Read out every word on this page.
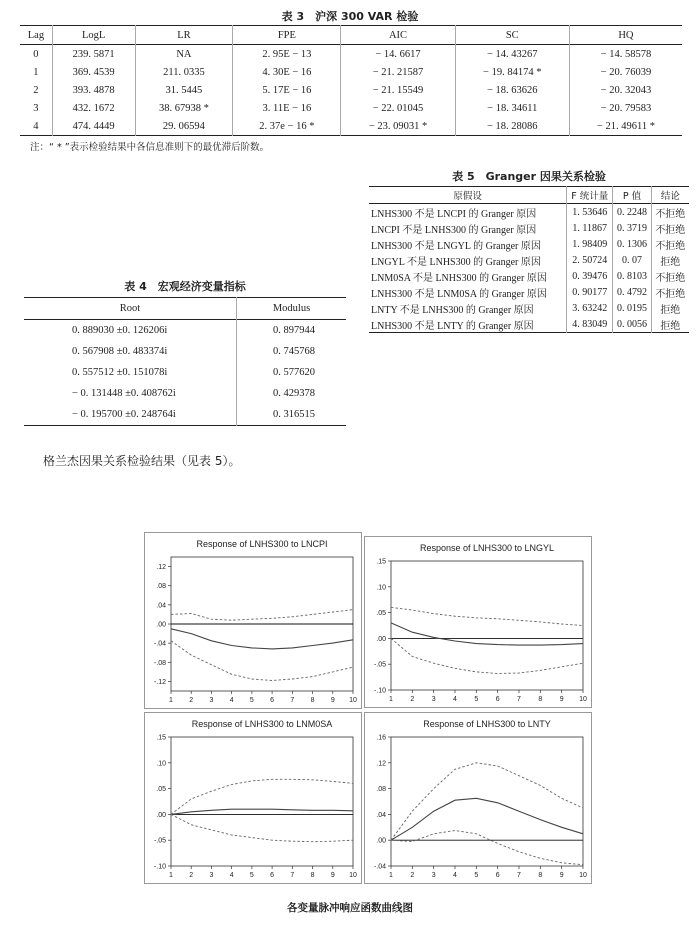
表 3　沪深 300 VAR 检验
Lag	LogL	LR	FPE	AIC	SC	HQ
0	239. 5871	NA	2. 95E − 13	− 14. 6617	− 14. 43267	− 14. 58578
1	369. 4539	211. 0335	4. 30E − 16	− 21. 21587	− 19. 84174 *	− 20. 76039
2	393. 4878	31. 5445	5. 17E − 16	− 21. 15549	− 18. 63626	− 20. 32043
3	432. 1672	38. 67938 *	3. 11E − 16	− 22. 01045	− 18. 34611	− 20. 79583
4	474. 4449	29. 06594	2. 37e − 16 *	− 23. 09031 *	− 18. 28086	− 21. 49611 *
注：“ * ”表示检验结果中各信息准则下的最优滞后阶数。
表 5　Granger 因果关系检验
原假设	F 统计量	P 值	结论
LNHS300 不是 LNCPI 的 Granger 原因	1. 53646	0. 2248	不拒绝
LNCPI 不是 LNHS300 的 Granger 原因	1. 11867	0. 3719	不拒绝
LNHS300 不是 LNGYL 的 Granger 原因	1. 98409	0. 1306	不拒绝
LNGYL 不是 LNHS300 的 Granger 原因	2. 50724	0. 07	拒绝
LNM0SA 不是 LNHS300 的 Granger 原因	0. 39476	0. 8103	不拒绝
LNHS300 不是 LNM0SA 的 Granger 原因	0. 90177	0. 4792	不拒绝
LNTY 不是 LNHS300 的 Granger 原因	3. 63242	0. 0195	拒绝
LNHS300 不是 LNTY 的 Granger 原因	4. 83049	0. 0056	拒绝
表 4　宏观经济变量指标
Root	Modulus
0. 889030 ±0. 126206i	0. 897944
0. 567908 ±0. 483374i	0. 745768
0. 557512 ±0. 151078i	0. 577620
− 0. 131448 ±0. 408762i	0. 429378
− 0. 195700 ±0. 248764i	0. 316515
格兰杰因果关系检验结果（见表 5）。
Response of LNHS300 to LNCPI
.12
.08
.04
.00
-.04
-.08
-.12
1 2 3 4 5 6 7 8 9 10
Response of LNHS300 to LNGYL
.15
.10
.05
.00
-.05
-.10
1 2 3 4 5 6 7 8 9 10
Response of LNHS300 to LNM0SA
.15
.10
.05
.00
-.05
-.10
1 2 3 4 5 6 7 8 9 10
Response of LNHS300 to LNTY
.16
.12
.08
.04
.00
-.04
1 2 3 4 5 6 7 8 9 10
各变量脉冲响应函数曲线图
